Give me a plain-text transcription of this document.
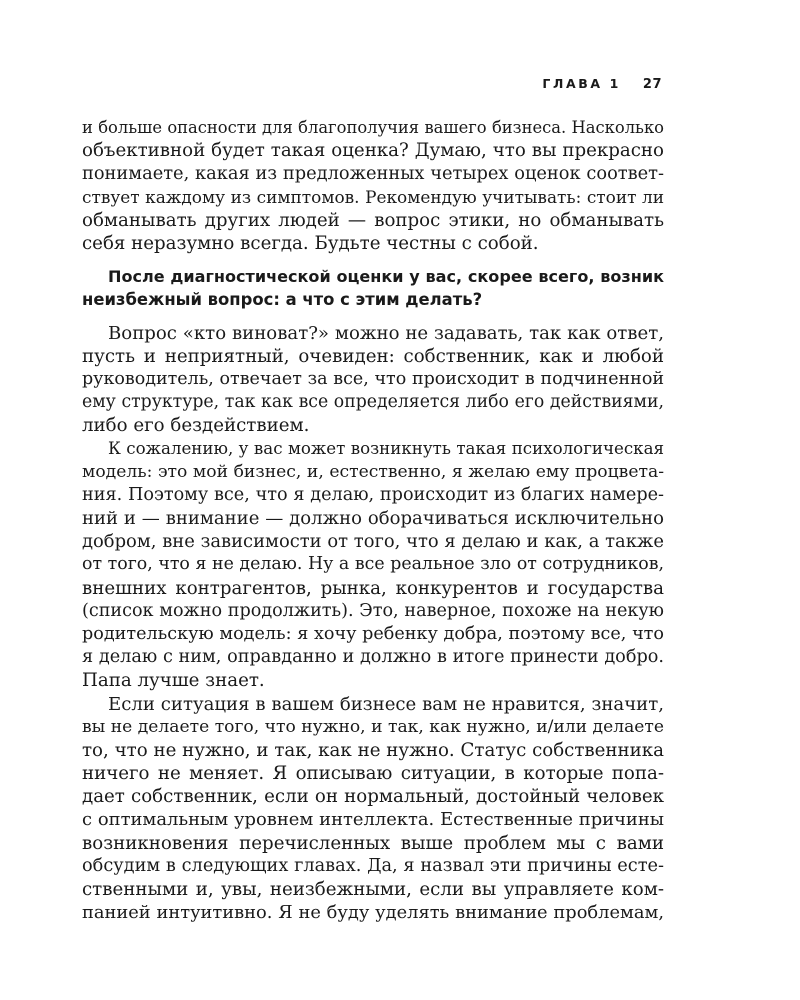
ГЛАВА 1 27
и больше опасности для благополучия вашего бизнеса. Насколько
объективной будет такая оценка? Думаю, что вы прекрасно
понимаете, какая из предложенных четырех оценок соответ-
ствует каждому из симптомов. Рекомендую учитывать: стоит ли
обманывать других людей — вопрос этики, но обманывать
себя неразумно всегда. Будьте честны с собой.
После диагностической оценки у вас, скорее всего, возник
неизбежный вопрос: а что с этим делать?
Вопрос «кто виноват?» можно не задавать, так как ответ,
пусть и неприятный, очевиден: собственник, как и любой
руководитель, отвечает за все, что происходит в подчиненной
ему структуре, так как все определяется либо его действиями,
либо его бездействием.
К сожалению, у вас может возникнуть такая психологическая
модель: это мой бизнес, и, естественно, я желаю ему процвета-
ния. Поэтому все, что я делаю, происходит из благих намере-
ний и — внимание — должно оборачиваться исключительно
добром, вне зависимости от того, что я делаю и как, а также
от того, что я не делаю. Ну а все реальное зло от сотрудников,
внешних контрагентов, рынка, конкурентов и государства
(список можно продолжить). Это, наверное, похоже на некую
родительскую модель: я хочу ребенку добра, поэтому все, что
я делаю с ним, оправданно и должно в итоге принести добро.
Папа лучше знает.
Если ситуация в вашем бизнесе вам не нравится, значит,
вы не делаете того, что нужно, и так, как нужно, и/или делаете
то, что не нужно, и так, как не нужно. Статус собственника
ничего не меняет. Я описываю ситуации, в которые попа-
дает собственник, если он нормальный, достойный человек
с оптимальным уровнем интеллекта. Естественные причины
возникновения перечисленных выше проблем мы с вами
обсудим в следующих главах. Да, я назвал эти причины есте-
ственными и, увы, неизбежными, если вы управляете ком-
панией интуитивно. Я не буду уделять внимание проблемам,
